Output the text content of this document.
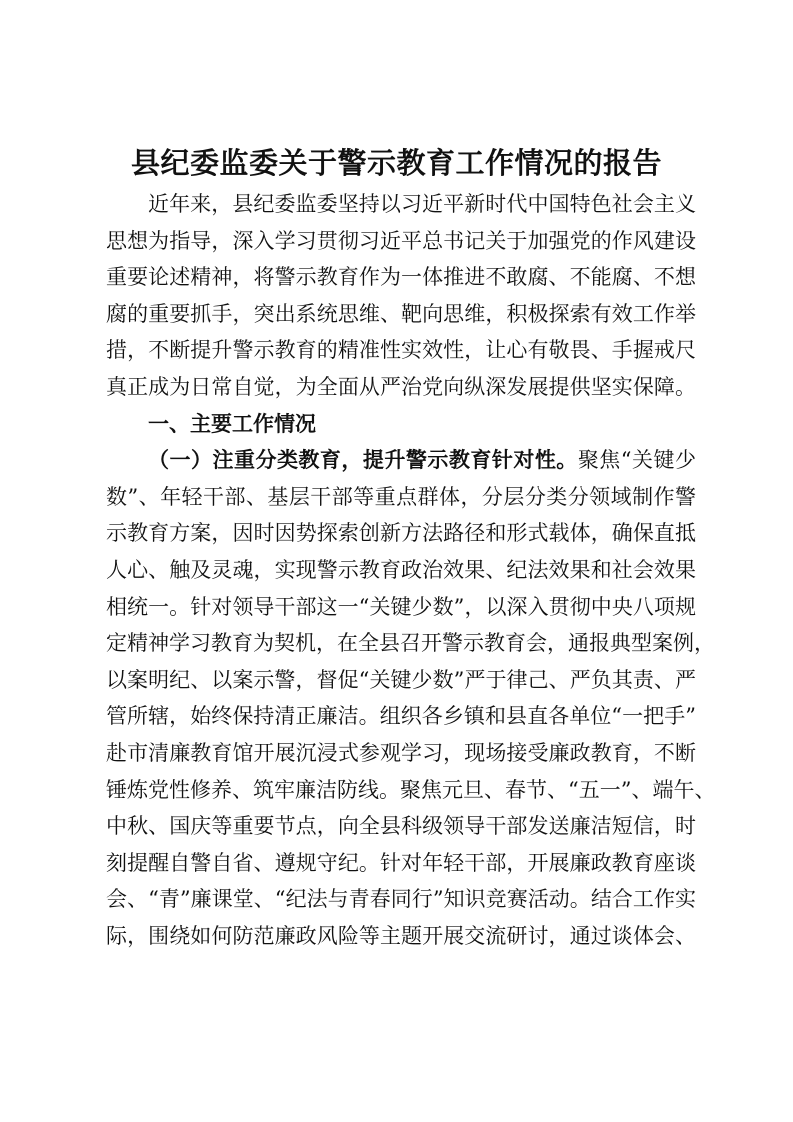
县纪委监委关于警示教育工作情况的报告
近年来，县纪委监委坚持以习近平新时代中国特色社会主义
思想为指导，深入学习贯彻习近平总书记关于加强党的作风建设
重要论述精神，将警示教育作为一体推进不敢腐、不能腐、不想
腐的重要抓手，突出系统思维、靶向思维，积极探索有效工作举
措，不断提升警示教育的精准性实效性，让心有敬畏、手握戒尺
真正成为日常自觉，为全面从严治党向纵深发展提供坚实保障。
一、主要工作情况
（一）注重分类教育，提升警示教育针对性。聚焦“关键少
数”、年轻干部、基层干部等重点群体，分层分类分领域制作警
示教育方案，因时因势探索创新方法路径和形式载体，确保直抵
人心、触及灵魂，实现警示教育政治效果、纪法效果和社会效果
相统一。针对领导干部这一“关键少数”，以深入贯彻中央八项规
定精神学习教育为契机，在全县召开警示教育会，通报典型案例，
以案明纪、以案示警，督促“关键少数”严于律己、严负其责、严
管所辖，始终保持清正廉洁。组织各乡镇和县直各单位“一把手”
赴市清廉教育馆开展沉浸式参观学习，现场接受廉政教育，不断
锤炼党性修养、筑牢廉洁防线。聚焦元旦、春节、“五一”、端午、
中秋、国庆等重要节点，向全县科级领导干部发送廉洁短信，时
刻提醒自警自省、遵规守纪。针对年轻干部，开展廉政教育座谈
会、“青”廉课堂、“纪法与青春同行”知识竞赛活动。结合工作实
际，围绕如何防范廉政风险等主题开展交流研讨，通过谈体会、
